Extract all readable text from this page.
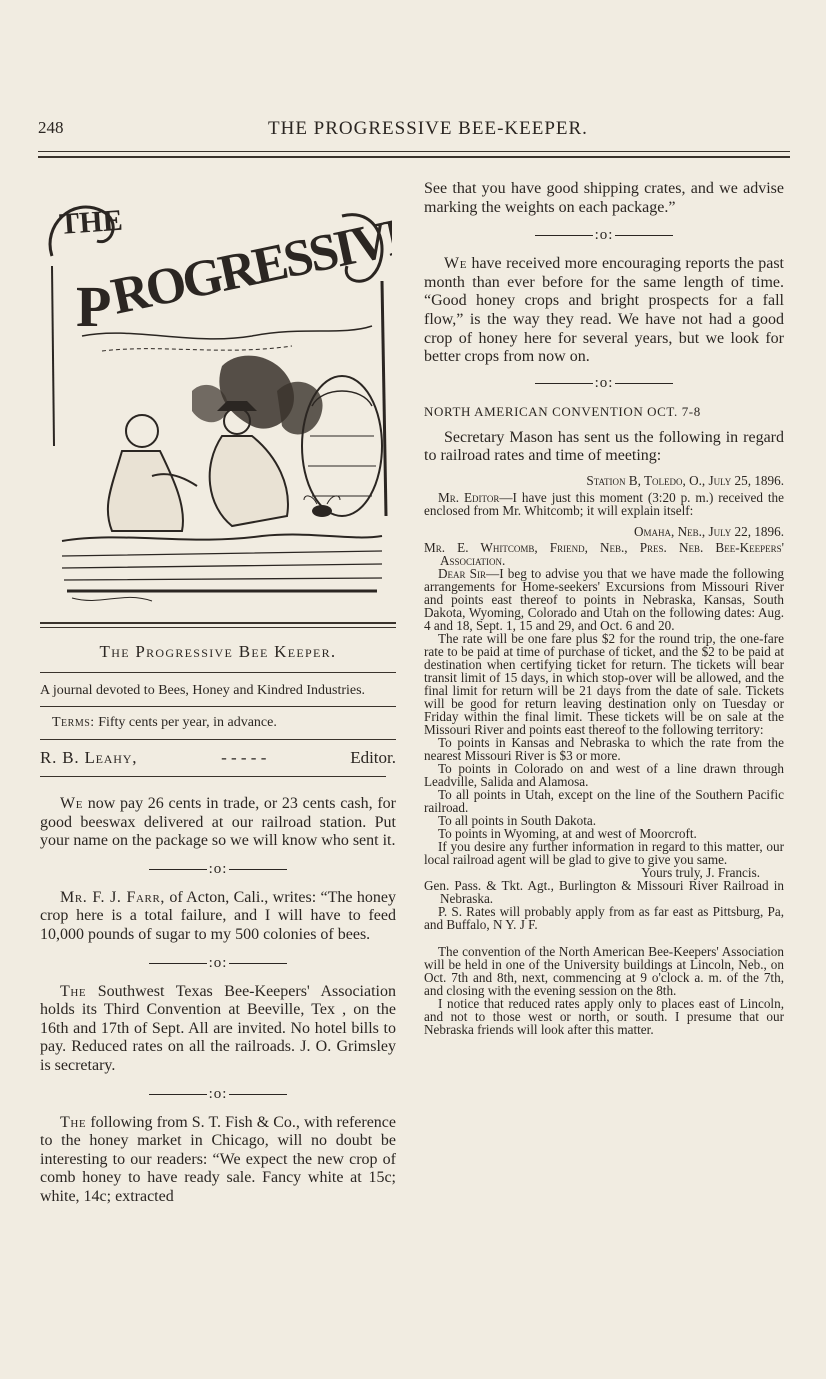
248	THE PROGRESSIVE BEE-KEEPER.
THE
P
ROGRESSIVE
The Progressive Bee Keeper.

A journal devoted to Bees, Honey and Kindred Industries.

Terms: Fifty cents per year, in advance.
R. B. Leahy,	- - - - -	Editor.

We now pay 26 cents in trade, or 23 cents cash, for good beeswax delivered at our railroad station. Put your name on the package so we will know who sent it.

:o:

Mr. F. J. Farr, of Acton, Cali., writes: “The honey crop here is a total failure, and I will have to feed 10,000 pounds of sugar to my 500 colonies of bees.

:o:

The Southwest Texas Bee-Keepers' Association holds its Third Convention at Beeville, Tex , on the 16th and 17th of Sept. All are invited. No hotel bills to pay. Reduced rates on all the railroads. J. O. Grimsley is secretary.

:o:

The following from S. T. Fish & Co., with reference to the honey market in Chicago, will no doubt be interesting to our readers: “We expect the new crop of comb honey to have ready sale. Fancy white at 15c; white, 14c; extracted

See that you have good shipping crates, and we advise marking the weights on each package.”

:o:

We have received more encouraging reports the past month than ever before for the same length of time. “Good honey crops and bright prospects for a fall flow,” is the way they read. We have not had a good crop of honey here for several years, but we look for better crops from now on.

:o:
NORTH AMERICAN CONVENTION OCT. 7-8

Secretary Mason has sent us the following in regard to railroad rates and time of meeting:

Station B, Toledo, O., July 25, 1896.

Mr. Editor—I have just this moment (3:20 p. m.) received the enclosed from Mr. Whitcomb; it will explain itself:

Omaha, Neb., July 22, 1896.

Mr. E. Whitcomb, Friend, Neb., Pres. Neb. Bee-Keepers' Association.

Dear Sir—I beg to advise you that we have made the following arrangements for Home-seekers' Excursions from Missouri River and points east thereof to points in Nebraska, Kansas, South Dakota, Wyoming, Colorado and Utah on the following dates: Aug. 4 and 18, Sept. 1, 15 and 29, and Oct. 6 and 20.

The rate will be one fare plus $2 for the round trip, the one-fare rate to be paid at time of purchase of ticket, and the $2 to be paid at destination when certifying ticket for return. The tickets will bear transit limit of 15 days, in which stop-over will be allowed, and the final limit for return will be 21 days from the date of sale. Tickets will be good for return leaving destination only on Tuesday or Friday within the final limit. These tickets will be on sale at the Missouri River and points east thereof to the following territory:

To points in Kansas and Nebraska to which the rate from the nearest Missouri River is $3 or more.

To points in Colorado on and west of a line drawn through Leadville, Salida and Alamosa.

To all points in Utah, except on the line of the Southern Pacific railroad.

To all points in South Dakota.

To points in Wyoming, at and west of Moorcroft.

If you desire any further information in regard to this matter, our local railroad agent will be glad to give to give you same.

Yours truly, J. Francis.

Gen. Pass. & Tkt. Agt., Burlington & Missouri River Railroad in Nebraska.

P. S. Rates will probably apply from as far east as Pittsburg, Pa, and Buffalo, N Y. J F.

The convention of the North American Bee-Keepers' Association will be held in one of the University buildings at Lincoln, Neb., on Oct. 7th and 8th, next, commencing at 9 o'clock a. m. of the 7th, and closing with the evening session on the 8th.

I notice that reduced rates apply only to places east of Lincoln, and not to those west or north, or south. I presume that our Nebraska friends will look after this matter.
